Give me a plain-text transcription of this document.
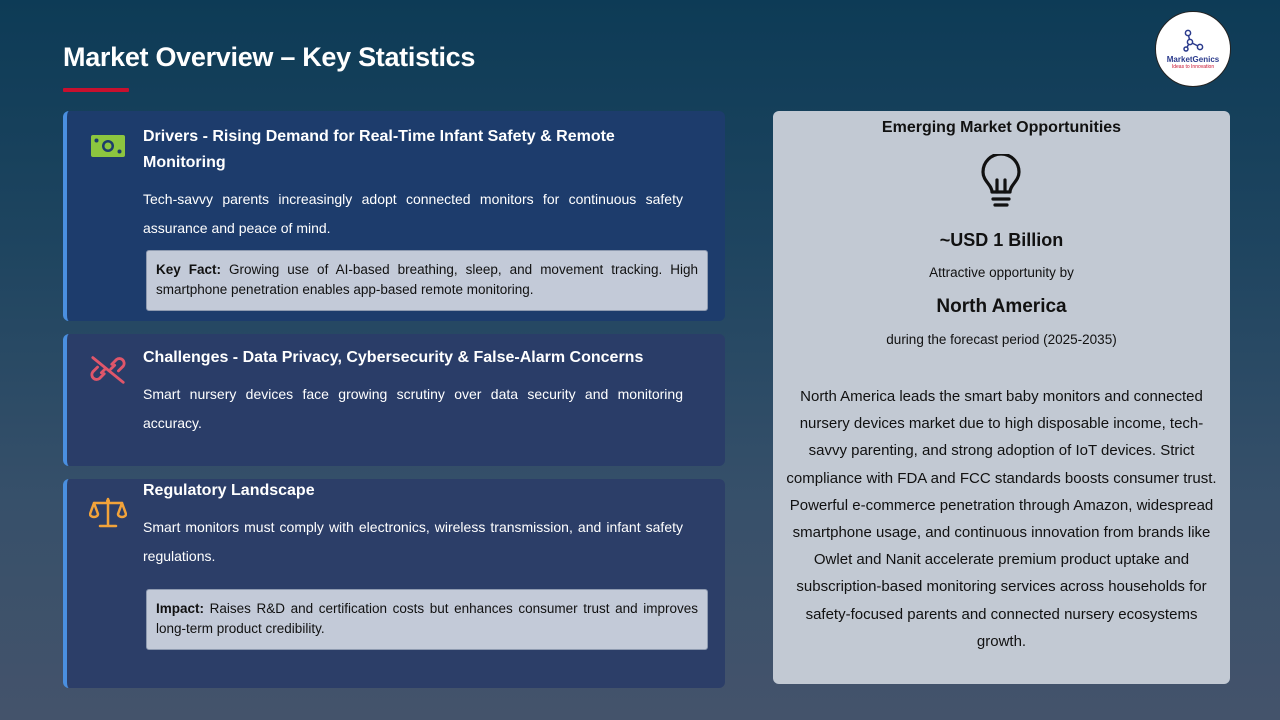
Market Overview – Key Statistics	MarketGenics
Ideas to Innovation
Drivers - Rising Demand for Real-Time Infant Safety & Remote Monitoring
Tech-savvy parents increasingly adopt connected monitors for continuous safety assurance and peace of mind.
Key Fact: Growing use of AI-based breathing, sleep, and movement tracking. High smartphone penetration enables app-based remote monitoring.
Challenges - Data Privacy, Cybersecurity & False-Alarm Concerns
Smart nursery devices face growing scrutiny over data security and monitoring accuracy.
Regulatory Landscape
Smart monitors must comply with electronics, wireless transmission, and infant safety regulations.
Impact: Raises R&D and certification costs but enhances consumer trust and improves long-term product credibility.
Emerging Market Opportunities
~USD 1 Billion
Attractive opportunity by
North America
during the forecast period (2025-2035)
North America leads the smart baby monitors and connected nursery devices market due to high disposable income, tech-savvy parenting, and strong adoption of IoT devices. Strict compliance with FDA and FCC standards boosts consumer trust. Powerful e-commerce penetration through Amazon, widespread smartphone usage, and continuous innovation from brands like Owlet and Nanit accelerate premium product uptake and subscription-based monitoring services across households for safety-focused parents and connected nursery ecosystems growth.
